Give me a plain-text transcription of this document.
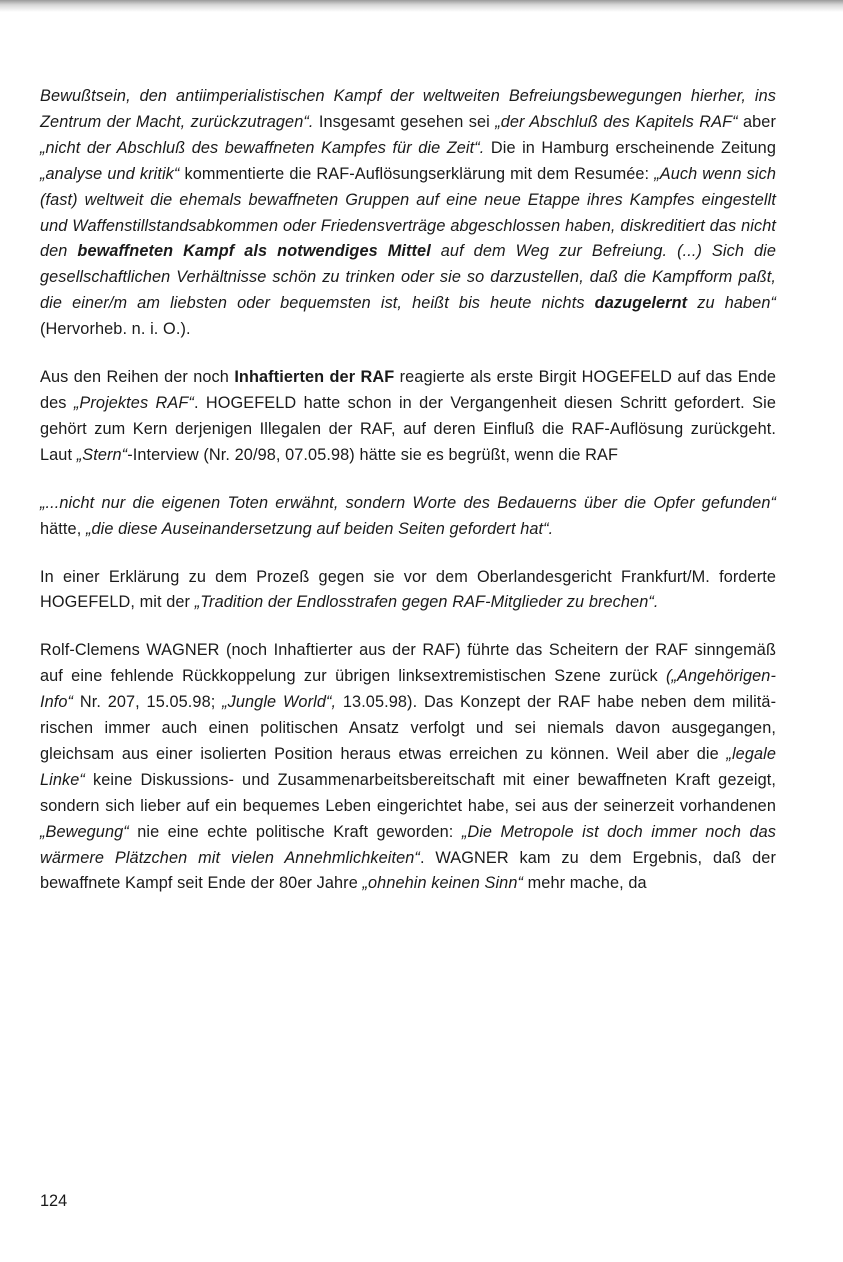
Bewußtsein, den antiimperialistischen Kampf der weltweiten Befreiungsbewegungen hierher, ins Zentrum der Macht, zurückzutragen“. Insgesamt gesehen sei „der Abschluß des Kapitels RAF“ aber „nicht der Abschluß des bewaffneten Kampfes für die Zeit“. Die in Hamburg erscheinende Zeitung „analyse und kritik“ kommentierte die RAF-Auflösungserklärung mit dem Resumée: „Auch wenn sich (fast) weltweit die ehemals bewaffneten Gruppen auf eine neue Etappe ihres Kampfes eingestellt und Waffenstillstandsabkommen oder Friedensverträge abgeschlossen haben, diskreditiert das nicht den bewaffneten Kampf als notwendiges Mittel auf dem Weg zur Befreiung. (...) Sich die gesellschaftlichen Verhältnisse schön zu trinken oder sie so darzustellen, daß die Kampfform paßt, die einer/m am liebsten oder bequemsten ist, heißt bis heute nichts dazugelernt zu haben“ (Hervorheb. n. i. O.).

Aus den Reihen der noch Inhaftierten der RAF reagierte als erste Birgit HOGEFELD auf das Ende des „Projektes RAF“. HOGEFELD hatte schon in der Vergangenheit diesen Schritt gefordert. Sie gehört zum Kern derjenigen Illegalen der RAF, auf deren Einfluß die RAF-Auflösung zurückgeht. Laut „Stern“-Interview (Nr. 20/98, 07.05.98) hätte sie es begrüßt, wenn die RAF

„...nicht nur die eigenen Toten erwähnt, sondern Worte des Bedauerns über die Opfer gefunden“ hätte, „die diese Auseinandersetzung auf beiden Seiten gefordert hat“.

In einer Erklärung zu dem Prozeß gegen sie vor dem Oberlandesgericht Frankfurt/M. forderte HOGEFELD, mit der „Tradition der Endlosstrafen gegen RAF-Mitglieder zu brechen“.

Rolf-Clemens WAGNER (noch Inhaftierter aus der RAF) führte das Scheitern der RAF sinngemäß auf eine fehlende Rückkoppelung zur übrigen linksextremistischen Szene zurück („Angehörigen-Info“ Nr. 207, 15.05.98; „Jungle World“, 13.05.98). Das Konzept der RAF habe neben dem militärischen immer auch einen politischen Ansatz verfolgt und sei niemals davon ausgegangen, gleichsam aus einer isolierten Position heraus etwas erreichen zu können. Weil aber die „legale Linke“ keine Diskussions- und Zusammenarbeitsbereitschaft mit einer bewaffneten Kraft gezeigt, sondern sich lieber auf ein bequemes Leben eingerichtet habe, sei aus der seinerzeit vorhandenen „Bewegung“ nie eine echte politische Kraft geworden: „Die Metropole ist doch immer noch das wärmere Plätzchen mit vielen Annehmlichkeiten“. WAGNER kam zu dem Ergebnis, daß der bewaffnete Kampf seit Ende der 80er Jahre „ohnehin keinen Sinn“ mehr mache, da

124
